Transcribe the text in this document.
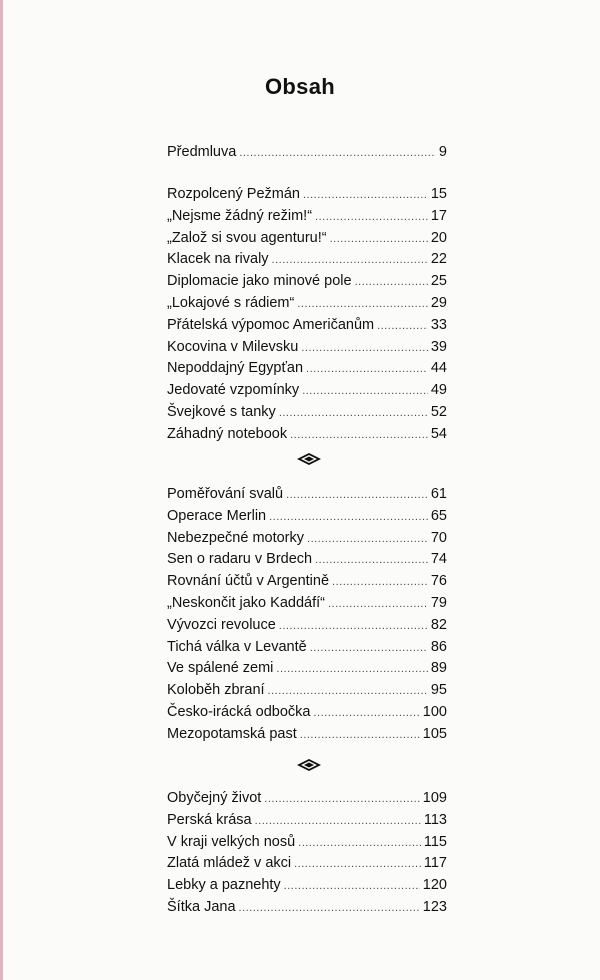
Obsah
Předmluva .....	9
Rozpolcený Pežmán .....	15
„Nejsme žádný režim!“ .....	17
„Založ si svou agenturu!“ .....	20
Klacek na rivaly .....	22
Diplomacie jako minové pole .....	25
„Lokajové s rádiem“ .....	29
Přátelská výpomoc Američanům .....	33
Kocovina v Milevsku .....	39
Nepoddajný Egypťan .....	44
Jedovaté vzpomínky .....	49
Švejkové s tanky .....	52
Záhadný notebook .....	54
Poměřování svalů .....	61
Operace Merlin .....	65
Nebezpečné motorky .....	70
Sen o radaru v Brdech .....	74
Rovnání účtů v Argentině .....	76
„Neskončit jako Kaddáfí“ .....	79
Vývozci revoluce .....	82
Tichá válka v Levantě .....	86
Ve spálené zemi .....	89
Koloběh zbraní .....	95
Česko-irácká odbočka .....	100
Mezopotamská past .....	105
Obyčejný život .....	109
Perská krása .....	113
V kraji velkých nosů .....	115
Zlatá mládež v akci .....	117
Lebky a paznehty .....	120
Šítka Jana .....	123
